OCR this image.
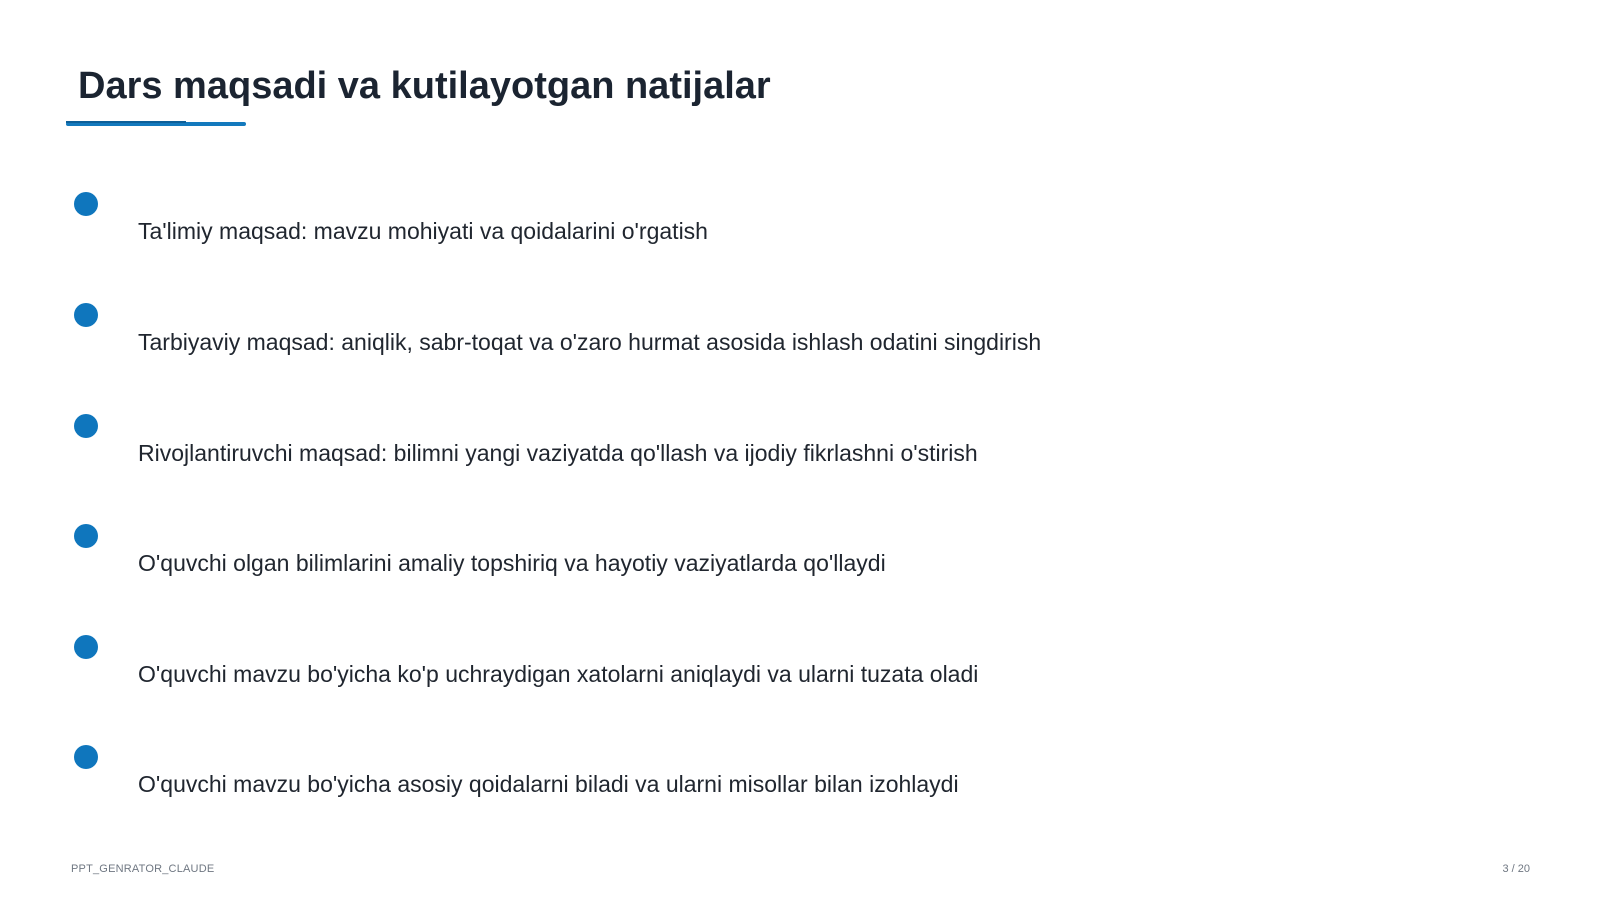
Dars maqsadi va kutilayotgan natijalar
Ta'limiy maqsad: mavzu mohiyati va qoidalarini o'rgatish
Tarbiyaviy maqsad: aniqlik, sabr-toqat va o'zaro hurmat asosida ishlash odatini singdirish
Rivojlantiruvchi maqsad: bilimni yangi vaziyatda qo'llash va ijodiy fikrlashni o'stirish
O'quvchi olgan bilimlarini amaliy topshiriq va hayotiy vaziyatlarda qo'llaydi
O'quvchi mavzu bo'yicha ko'p uchraydigan xatolarni aniqlaydi va ularni tuzata oladi
O'quvchi mavzu bo'yicha asosiy qoidalarni biladi va ularni misollar bilan izohlaydi
PPT_GENRATOR_CLAUDE	3 / 20
